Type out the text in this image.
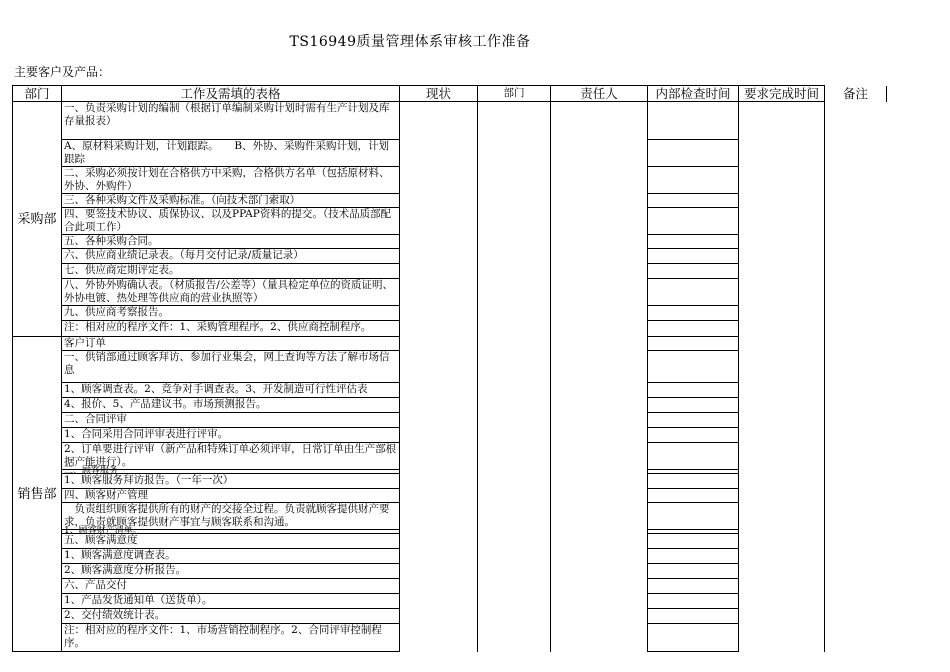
TS16949质量管理体系审核工作准备
主要客户及产品：
部门	工作及需填的表格	现状	部门	责任人	内部检查时间	要求完成时间	备注
采购部	一、负责采购计划的编制（根据订单编制采购计划时需有生产计划及库存量报表）						
	A、原材料采购计划，计划跟踪。　　B、外协、采购件采购计划，计划跟踪						
	二、采购必须按计划在合格供方中采购，合格供方名单（包括原材料、外协、外购件）						
	三、各种采购文件及采购标准。（向技术部门索取）						
	四、要签技术协议、质保协议、以及PPAP资料的提交。（技术品质部配合此项工作）						
	五、各种采购合同。						
	六、供应商业绩记录表。（每月交付记录/质量记录）						
	七、供应商定期评定表。						
	八、外协外购确认表。（材质报告/公差等）（量具检定单位的资质证明、外协电镀、热处理等供应商的营业执照等）						
	九、供应商考察报告。						
	注：相对应的程序文件：1、采购管理程序。2、供应商控制程序。						
销售部	客户订单						
	一、供销部通过顾客拜访、参加行业集会，网上查询等方法了解市场信息						
	1、顾客调查表。2、竞争对手调查表。3、开发制造可行性评估表						
	4、报价、5、产品建议书。市场预测报告。						
	二、合同评审						
	1、合同采用合同评审表进行评审。						
	2、订单要进行评审（新产品和特殊订单必须评审，日常订单由生产部根据产能进行）。						
	三、顾客服务						
	1、顾客服务拜访报告。（一年一次）						
	四、顾客财产管理						
	　负责组织顾客提供所有的财产的交接全过程。负责就顾客提供财产要求，负责就顾客提供财产事宜与顾客联系和沟通。						
	1、顾客财产清单。						
	五、顾客满意度						
	1、顾客满意度调查表。						
	2、顾客满意度分析报告。						
	六、产品交付						
	1、产品发货通知单（送货单）。						
	2、交付绩效统计表。						
	注：相对应的程序文件：1、市场营销控制程序。2、合同评审控制程序。						
